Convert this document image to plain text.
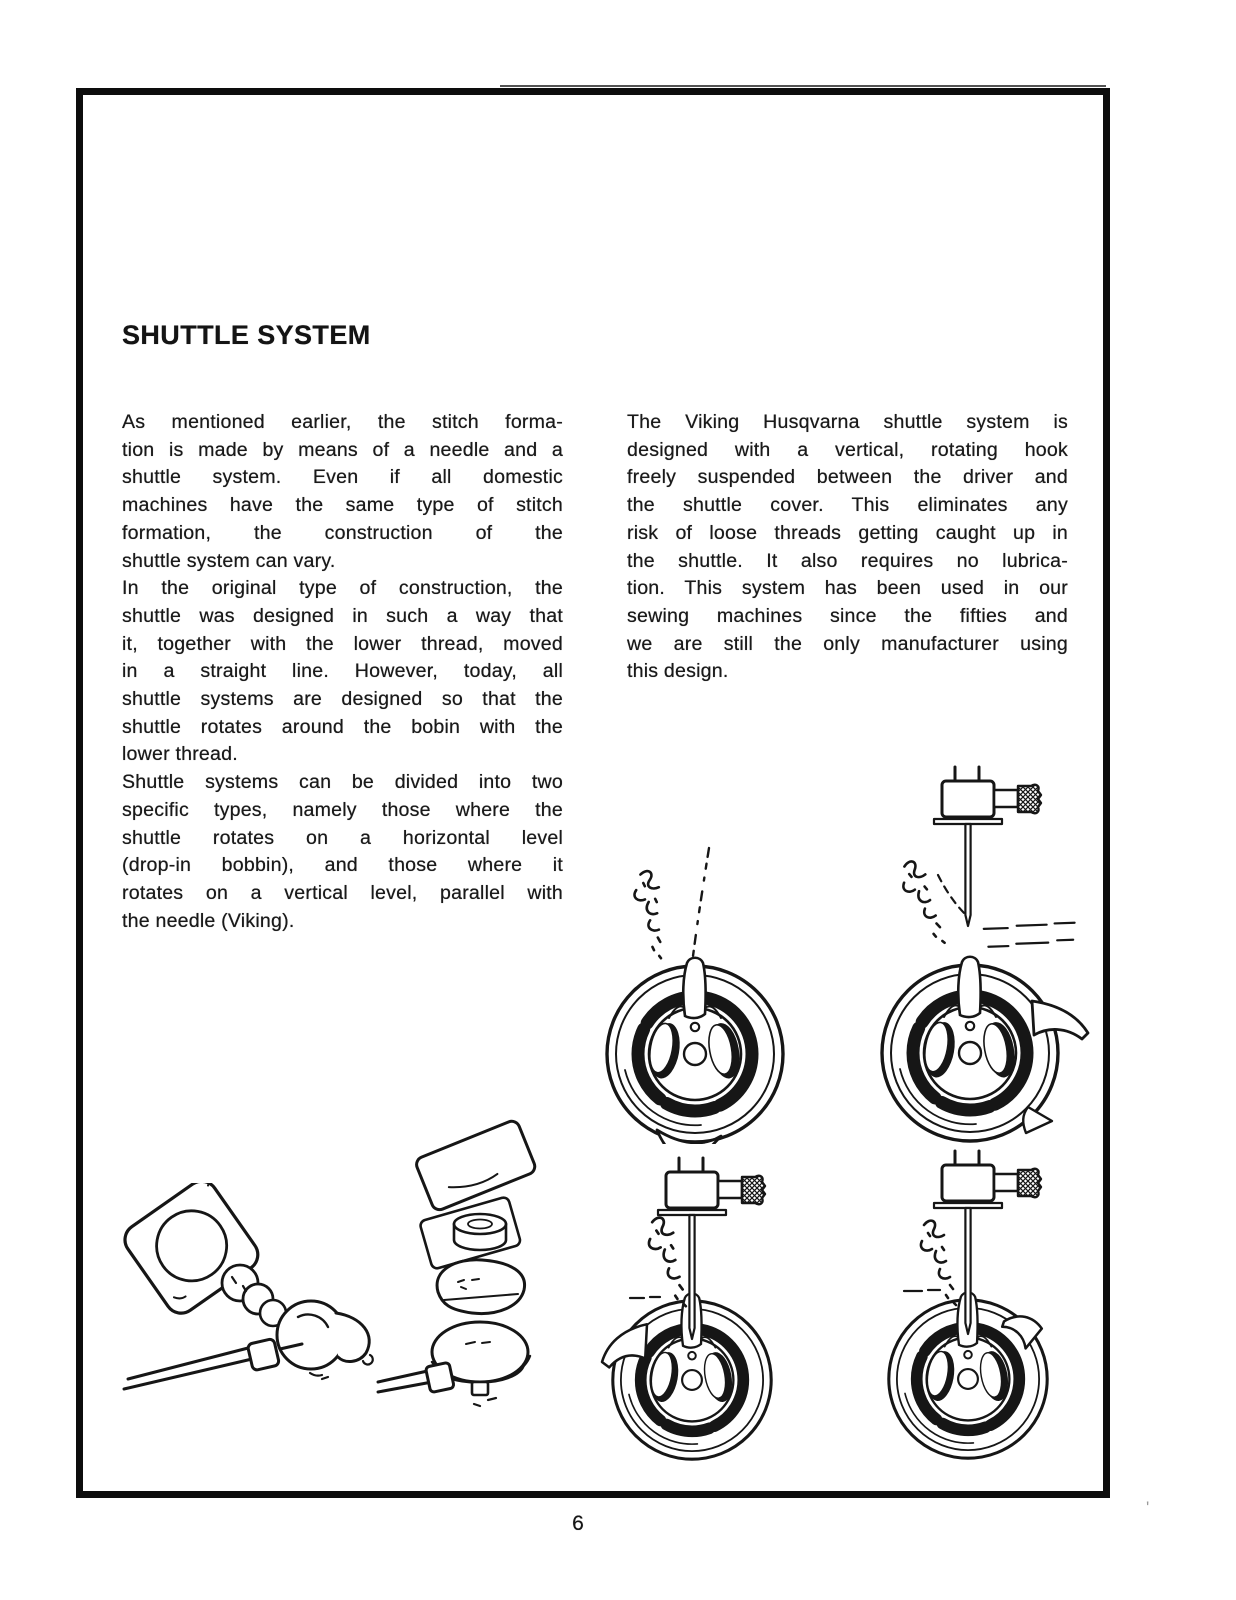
SHUTTLE SYSTEM
As mentioned earlier, the stitch forma-
tion is made by means of a needle and a
shuttle system. Even if all domestic
machines have the same type of stitch
formation, the construction of the
shuttle system can vary.
In the original type of construction, the
shuttle was designed in such a way that
it, together with the lower thread, moved
in a straight line. However, today, all
shuttle systems are designed so that the
shuttle rotates around the bobin with the
lower thread.
Shuttle systems can be divided into two
specific types, namely those where the
shuttle rotates on a horizontal level
(drop-in bobbin), and those where it
rotates on a vertical level, parallel with
the needle (Viking).
The Viking Husqvarna shuttle system is
designed with a vertical, rotating hook
freely suspended between the driver and
the shuttle cover. This eliminates any
risk of loose threads getting caught up in
the shuttle. It also requires no lubrica-
tion. This system has been used in our
sewing machines since the fifties and
we are still the only manufacturer using
this design.
6
'
